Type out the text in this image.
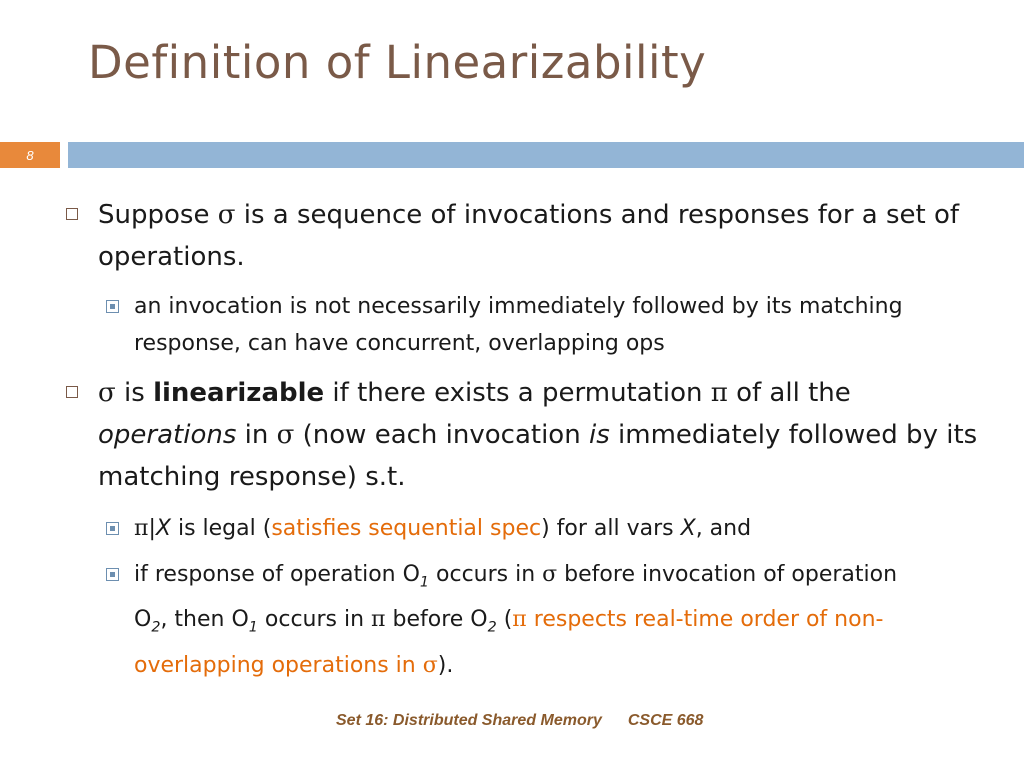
Definition of Linearizability
8
Suppose σ is a sequence of invocations and responses for a set of operations.
an invocation is not necessarily immediately followed by its matching response, can have concurrent, overlapping ops
σ is linearizable if there exists a permutation π of all the operations in σ (now each invocation is immediately followed by its matching response) s.t.
π|X is legal (satisfies sequential spec) for all vars X, and
if response of operation $O_1$ occurs in σ before invocation of operation $O_2$, then $O_1$ occurs in π before $O_2$ (π respects real-time order of non-overlapping operations in σ).
Set 16: Distributed Shared Memory CSCE 668
